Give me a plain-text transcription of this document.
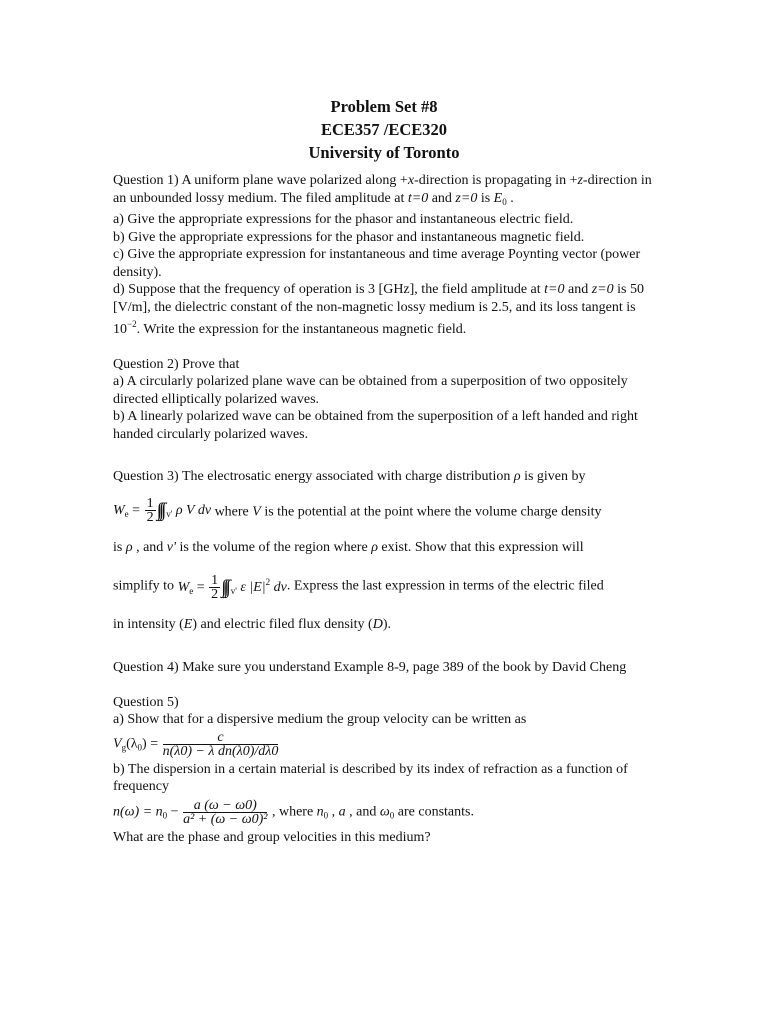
Problem Set #8
ECE357 /ECE320
University of Toronto

Question 1) A uniform plane wave polarized along +x-direction is propagating in +z-direction in an unbounded lossy medium. The filed amplitude at t=0 and z=0 is $E_0$ .

a) Give the appropriate expressions for the phasor and instantaneous electric field.

b) Give the appropriate expressions for the phasor and instantaneous magnetic field.

c) Give the appropriate expression for instantaneous and time average Poynting vector (power density).

d) Suppose that the frequency of operation is 3 [GHz], the field amplitude at t=0 and z=0 is 50 [V/m], the dielectric constant of the non-magnetic lossy medium is 2.5, and its loss tangent is $10^{-2}$. Write the expression for the instantaneous magnetic field.

Question 2) Prove that

a) A circularly polarized plane wave can be obtained from a superposition of two oppositely directed elliptically polarized waves.

b) A linearly polarized wave can be obtained from the superposition of a left handed and right handed circularly polarized waves.

Question 3) The electrosatic energy associated with charge distribution ρ is given by

$W_e = \frac{1}{2}$ ∫∫∫ $_{v'}$ ρ V dv where V is the potential at the point where the volume charge density

is ρ , and v' is the volume of the region where ρ exist. Show that this expression will

simplify to $W_e = \frac{1}{2}$ ∫∫∫ $_{v'}$ ε $|E|^2$ dv. Express the last expression in terms of the electric filed

in intensity (E) and electric filed flux density (D).

Question 4) Make sure you understand Example 8-9, page 389 of the book by David Cheng

Question 5)

a) Show that for a dispersive medium the group velocity can be written as

$V_g(\lambda_0) = \frac{c}{\text{n(λ0) − λ dn(λ0)/dλ0}}$

b) The dispersion in a certain material is described by its index of refraction as a function of frequency

$n(\omega) = n_0 - \frac{a (\omega - \omega 0)}{\text{a² + (ω − ω0)²}}$ , where $n_0$ , a , and $\omega_0$ are constants.

What are the phase and group velocities in this medium?
